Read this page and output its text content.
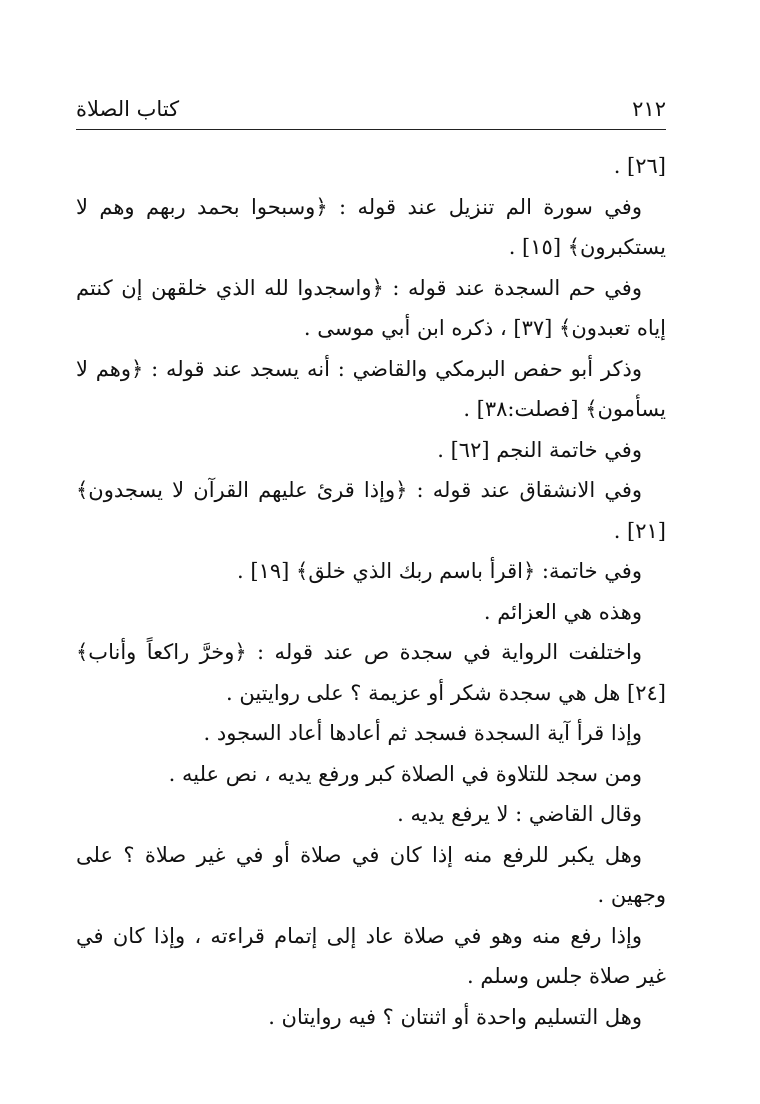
٢١٢
كتاب الصلاة

[٢٦] .

وفي سورة الم تنزيل عند قوله : ﴿وسبحوا بحمد ربهم وهم لا يستكبرون﴾ [١٥] .

وفي حم السجدة عند قوله : ﴿واسجدوا لله الذي خلقهن إن كنتم إياه تعبدون﴾ [٣٧] ، ذكره ابن أبي موسى .

وذكر أبو حفص البرمكي والقاضي : أنه يسجد عند قوله : ﴿وهم لا يسأمون﴾ [فصلت:٣٨] .

وفي خاتمة النجم [٦٢] .

وفي الانشقاق عند قوله : ﴿وإذا قرئ عليهم القرآن لا يسجدون﴾ [٢١] .

وفي خاتمة: ﴿اقرأ باسم ربك الذي خلق﴾ [١٩] .

وهذه هي العزائم .

واختلفت الرواية في سجدة ص عند قوله : ﴿وخرَّ راكعاً وأناب﴾ [٢٤] هل هي سجدة شكر أو عزيمة ؟ على روايتين .

وإذا قرأ آية السجدة فسجد ثم أعادها أعاد السجود .

ومن سجد للتلاوة في الصلاة كبر ورفع يديه ، نص عليه .

وقال القاضي : لا يرفع يديه .

وهل يكبر للرفع منه إذا كان في صلاة أو في غير صلاة ؟ على وجهين .

وإذا رفع منه وهو في صلاة عاد إلى إتمام قراءته ، وإذا كان في غير صلاة جلس وسلم .

وهل التسليم واحدة أو اثنتان ؟ فيه روايتان .
